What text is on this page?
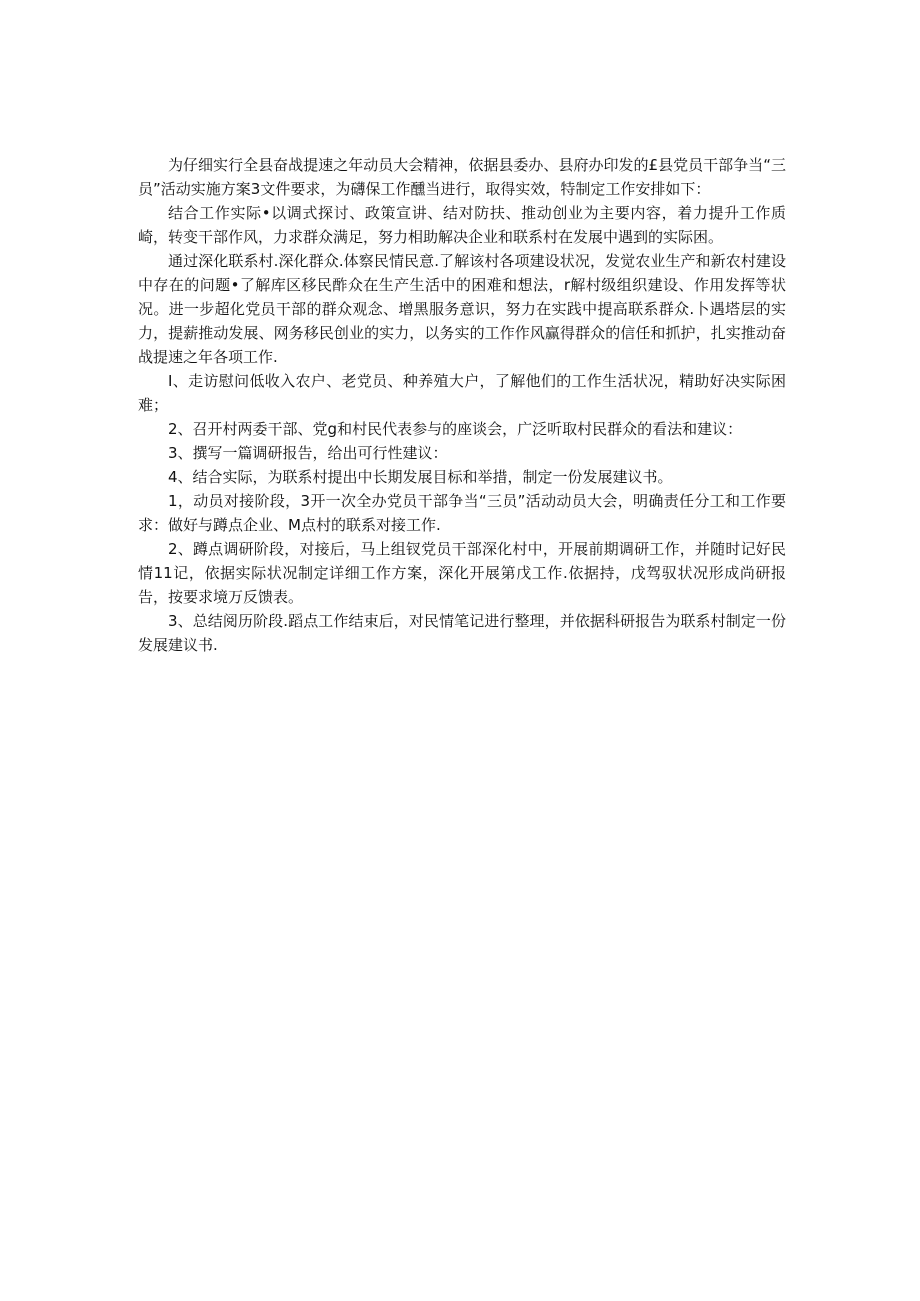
为仔细实行全县奋战提速之年动员大会精神，依据县委办、县府办印发的£县党员干部争当“三员”活动实施方案3文件要求，为礴保工作醺当进行，取得实效，特制定工作安排如下：

结合工作实际•以调式探讨、政策宣讲、结对防扶、推动创业为主要内容，着力提升工作质崎，转变干部作风，力求群众满足，努力相助解决企业和联系村在发展中遇到的实际困。

通过深化联系村.深化群众.体察民情民意.了解该村各项建设状况，发觉农业生产和新农村建设中存在的问题•了解库区移民酢众在生产生活中的困难和想法，r解村级组织建设、作用发挥等状况。进一步超化党员干部的群众观念、增黑服务意识，努力在实践中提高联系群众.卜遇塔层的实力，提薪推动发展、网务移民创业的实力，以务实的工作作风赢得群众的信任和抓护，扎实推动奋战提速之年各项工作.

I、走访慰问低收入农户、老党员、种养殖大户，了解他们的工作生活状况，精助好决实际困难；

2、召开村两委干部、党g和村民代表参与的座谈会，广泛听取村民群众的看法和建议：

3、撰写一篇调研报告，给出可行性建议：

4、结合实际，为联系村提出中长期发展目标和举措，制定一份发展建议书。

1，动员对接阶段，3开一次全办党员干部争当“三员”活动动员大会，明确责任分工和工作要求：做好与蹲点企业、M点村的联系对接工作.

2、蹲点调研阶段，对接后，马上组钗党员干部深化村中，开展前期调研工作，并随时记好民情11记，依据实际状况制定详细工作方案，深化开展第戊工作.依据持，戊驾驭状况形成尚研报告，按要求境万反馈表。

3、总结阅历阶段.蹈点工作结束后，对民情笔记进行整理，并依据科研报告为联系村制定一份发展建议书.
